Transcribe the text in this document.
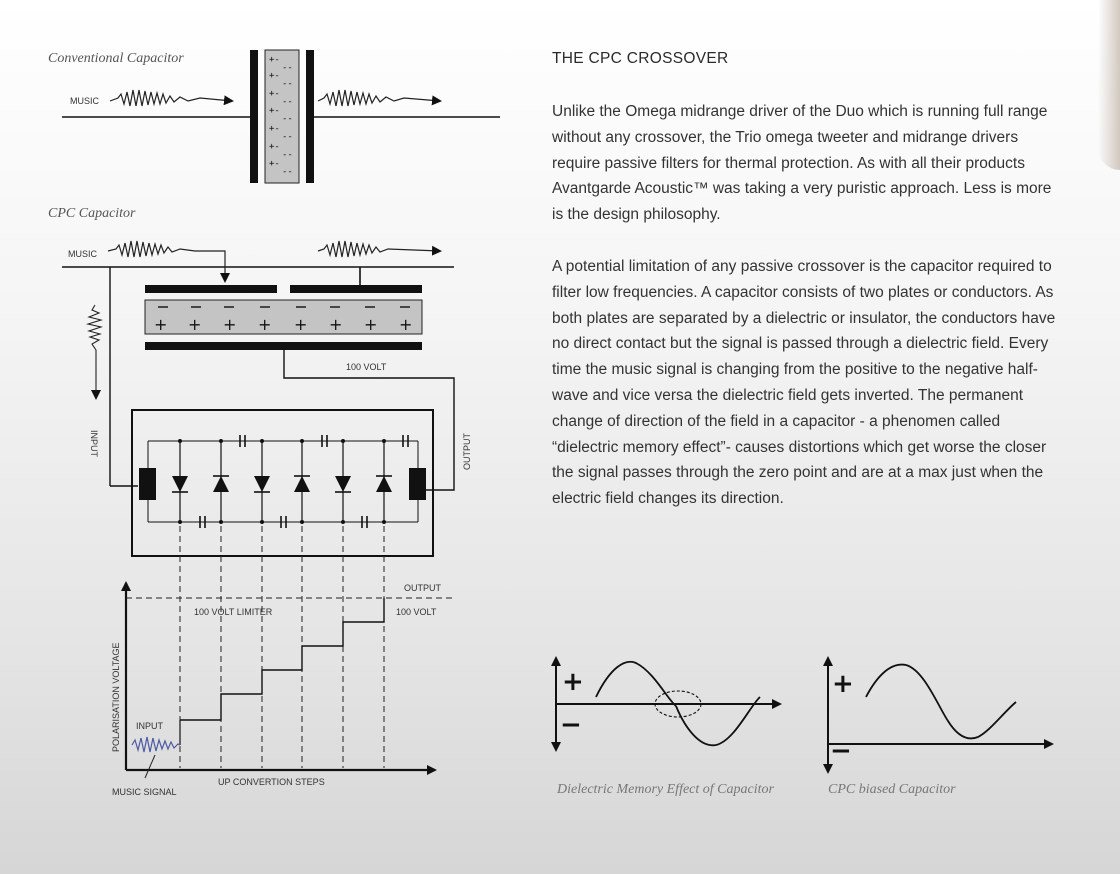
Conventional Capacitor
CPC Capacitor
MUSIC
+-
--
+-
--
+-
--
+-
--
+-
--
+-
--
+-
--
MUSIC
+ + + + + + + +
100 VOLT
OUTPUT
INPUT
OUTPUT
100 VOLT LIMITER	100 VOLT
INPUT
POLARISATION VOLTAGE
UP CONVERTION STEPS
MUSIC SIGNAL
+
−
+
−
THE CPC CROSSOVER

Unlike the Omega midrange driver of the Duo which is running full range without any crossover, the Trio omega tweeter and midrange drivers require passive filters for thermal protection. As with all their products Avantgarde Acoustic™ was taking a very puristic approach. Less is more is the design philosophy.

A potential limitation of any passive crossover is the capacitor required to filter low frequencies. A capacitor consists of two plates or conductors. As both plates are separated by a dielectric or insulator, the conductors have no direct contact but the signal is passed through a dielectric field. Every time the music signal is changing from the positive to the negative half-wave and vice versa the dielectric field gets inverted. The permanent change of direction of the field in a capacitor - a phenomen called “dielectric memory effect”- causes distortions which get worse the closer the signal passes through the zero point and are at a max just when the electric field changes its direction.

Dielectric Memory Effect of Capacitor	CPC biased Capacitor
